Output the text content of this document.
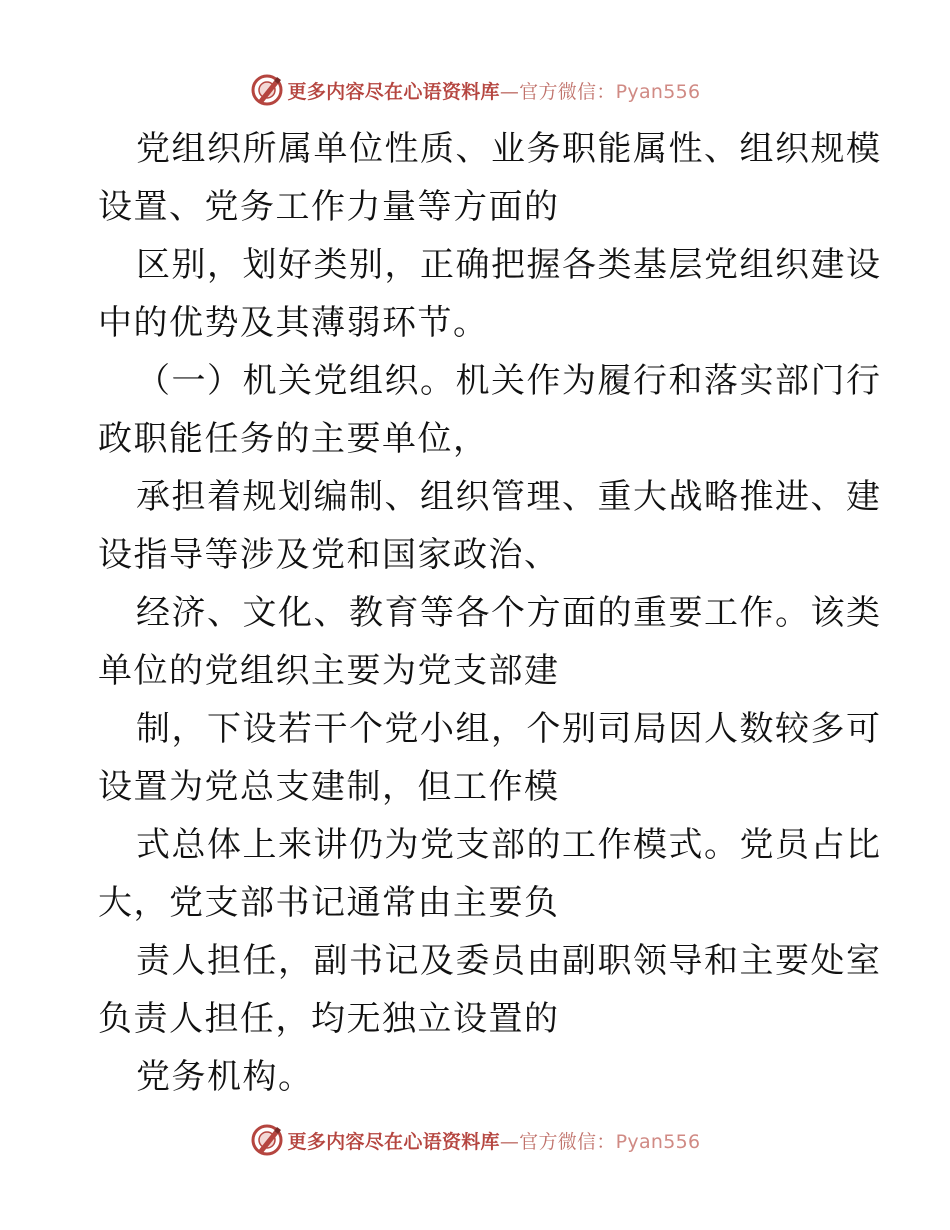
更多内容尽在心语资料库—官方微信：Pyan556
党组织所属单位性质、业务职能属性、组织规模
设置、党务工作力量等方面的
区别，划好类别，正确把握各类基层党组织建设
中的优势及其薄弱环节。
（一）机关党组织。机关作为履行和落实部门行
政职能任务的主要单位，
承担着规划编制、组织管理、重大战略推进、建
设指导等涉及党和国家政治、
经济、文化、教育等各个方面的重要工作。该类
单位的党组织主要为党支部建
制，下设若干个党小组，个别司局因人数较多可
设置为党总支建制，但工作模
式总体上来讲仍为党支部的工作模式。党员占比
大，党支部书记通常由主要负
责人担任，副书记及委员由副职领导和主要处室
负责人担任，均无独立设置的
党务机构。
更多内容尽在心语资料库—官方微信：Pyan556
